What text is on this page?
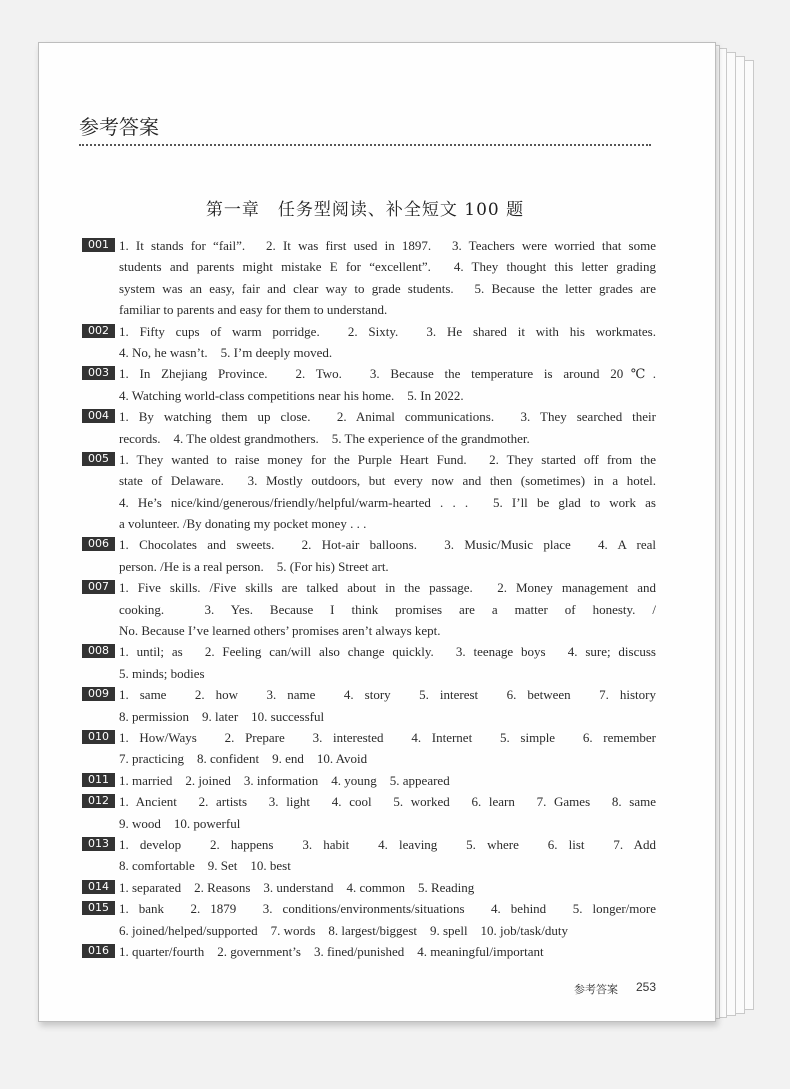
参考答案
第一章　任务型阅读、补全短文 100 题
001 1. It stands for “fail”.　2. It was first used in 1897.　3. Teachers were worried that some
students and parents might mistake E for “excellent”.　4. They thought this letter grading
system was an easy, fair and clear way to grade students.　5. Because the letter grades are
familiar to parents and easy for them to understand.
002 1. Fifty cups of warm porridge.　2. Sixty.　3. He shared it with his workmates.
4. No, he wasn’t.　5. I’m deeply moved.
003 1. In Zhejiang Province.　2. Two.　3. Because the temperature is around 20℃.
4. Watching world-class competitions near his home.　5. In 2022.
004 1. By watching them up close.　2. Animal communications.　3. They searched their
records.　4. The oldest grandmothers.　5. The experience of the grandmother.
005 1. They wanted to raise money for the Purple Heart Fund.　2. They started off from the
state of Delaware.　3. Mostly outdoors, but every now and then (sometimes) in a hotel.
4. He’s nice/kind/generous/friendly/helpful/warm-hearted . . .　5. I’ll be glad to work as
a volunteer. /By donating my pocket money . . .
006 1. Chocolates and sweets.　2. Hot-air balloons.　3. Music/Music place　4. A real
person. /He is a real person.　5. (For his) Street art.
007 1. Five skills. /Five skills are talked about in the passage.　2. Money management and
cooking.　3. Yes. Because I think promises are a matter of honesty. /
No. Because I’ve learned others’ promises aren’t always kept.
008 1. until; as　2. Feeling can/will also change quickly.　3. teenage boys　4. sure; discuss
5. minds; bodies
009 1. same　2. how　3. name　4. story　5. interest　6. between　7. history
8. permission　9. later　10. successful
010 1. How/Ways　2. Prepare　3. interested　4. Internet　5. simple　6. remember
7. practicing　8. confident　9. end　10. Avoid
011 1. married　2. joined　3. information　4. young　5. appeared
012 1. Ancient　2. artists　3. light　4. cool　5. worked　6. learn　7. Games　8. same
9. wood　10. powerful
013 1. develop　2. happens　3. habit　4. leaving　5. where　6. list　7. Add
8. comfortable　9. Set　10. best
014 1. separated　2. Reasons　3. understand　4. common　5. Reading
015 1. bank　2. 1879　3. conditions/environments/situations　4. behind　5. longer/more
6. joined/helped/supported　7. words　8. largest/biggest　9. spell　10. job/task/duty
016 1. quarter/fourth　2. government’s　3. fined/punished　4. meaningful/important
参考答案 253
